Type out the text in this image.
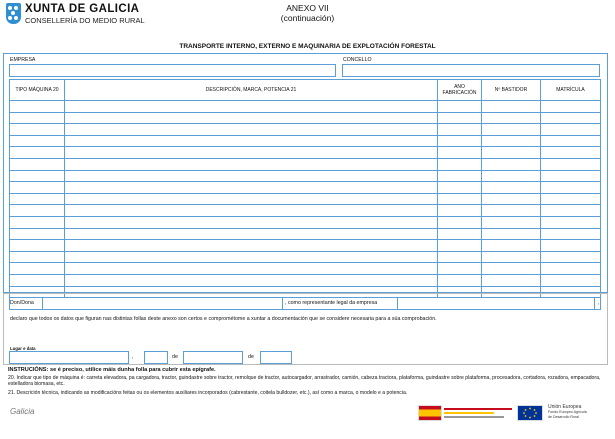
XUNTA DE GALICIA
CONSELLERÍA DO MEDIO RURAL
ANEXO VII
(continuación)
TRANSPORTE INTERNO, EXTERNO E MAQUINARIA DE EXPLOTACIÓN FORESTAL
EMPRESA	CONCELLO
TIPO MÁQUINA 20	DESCRIPCIÓN, MARCA, POTENCIA 21	ANO FABRICACIÓN	Nº BASTIDOR	MATRÍCULA

Don/Dona	, como representante legal da empresa	,
declaro que todos os datos que figuran nas distintas follas deste anexo son certos e comprométome a xuntar a documentación que se considere necesaria para a súa comprobación.
Lugar e data
,	de	de
INSTRUCIÓNS: se é preciso, utilice máis dunha folla para cubrir esta epígrafe.
20. Indicar que tipo de máquina é: carreta elevadora, pa cargadora, tractor, guindastre sobre tractor, remolque de tractor, autocargador, arrastrador, camión, cabeza tractora, plataforma, guindastre sobre plataforma, procesadora, cortadora, rozadora, empacadora, estelladora biomasa, etc.
21. Descrición técnica, indicando as modificacións feitas ou os elementos auxiliares incorporados (cabrestante, coitela bulldozer, etc.), así como a marca, o modelo e a potencia.
Galicia	Unión Europea
Fondo Europeo Agrícola
de Desarrollo Rural
